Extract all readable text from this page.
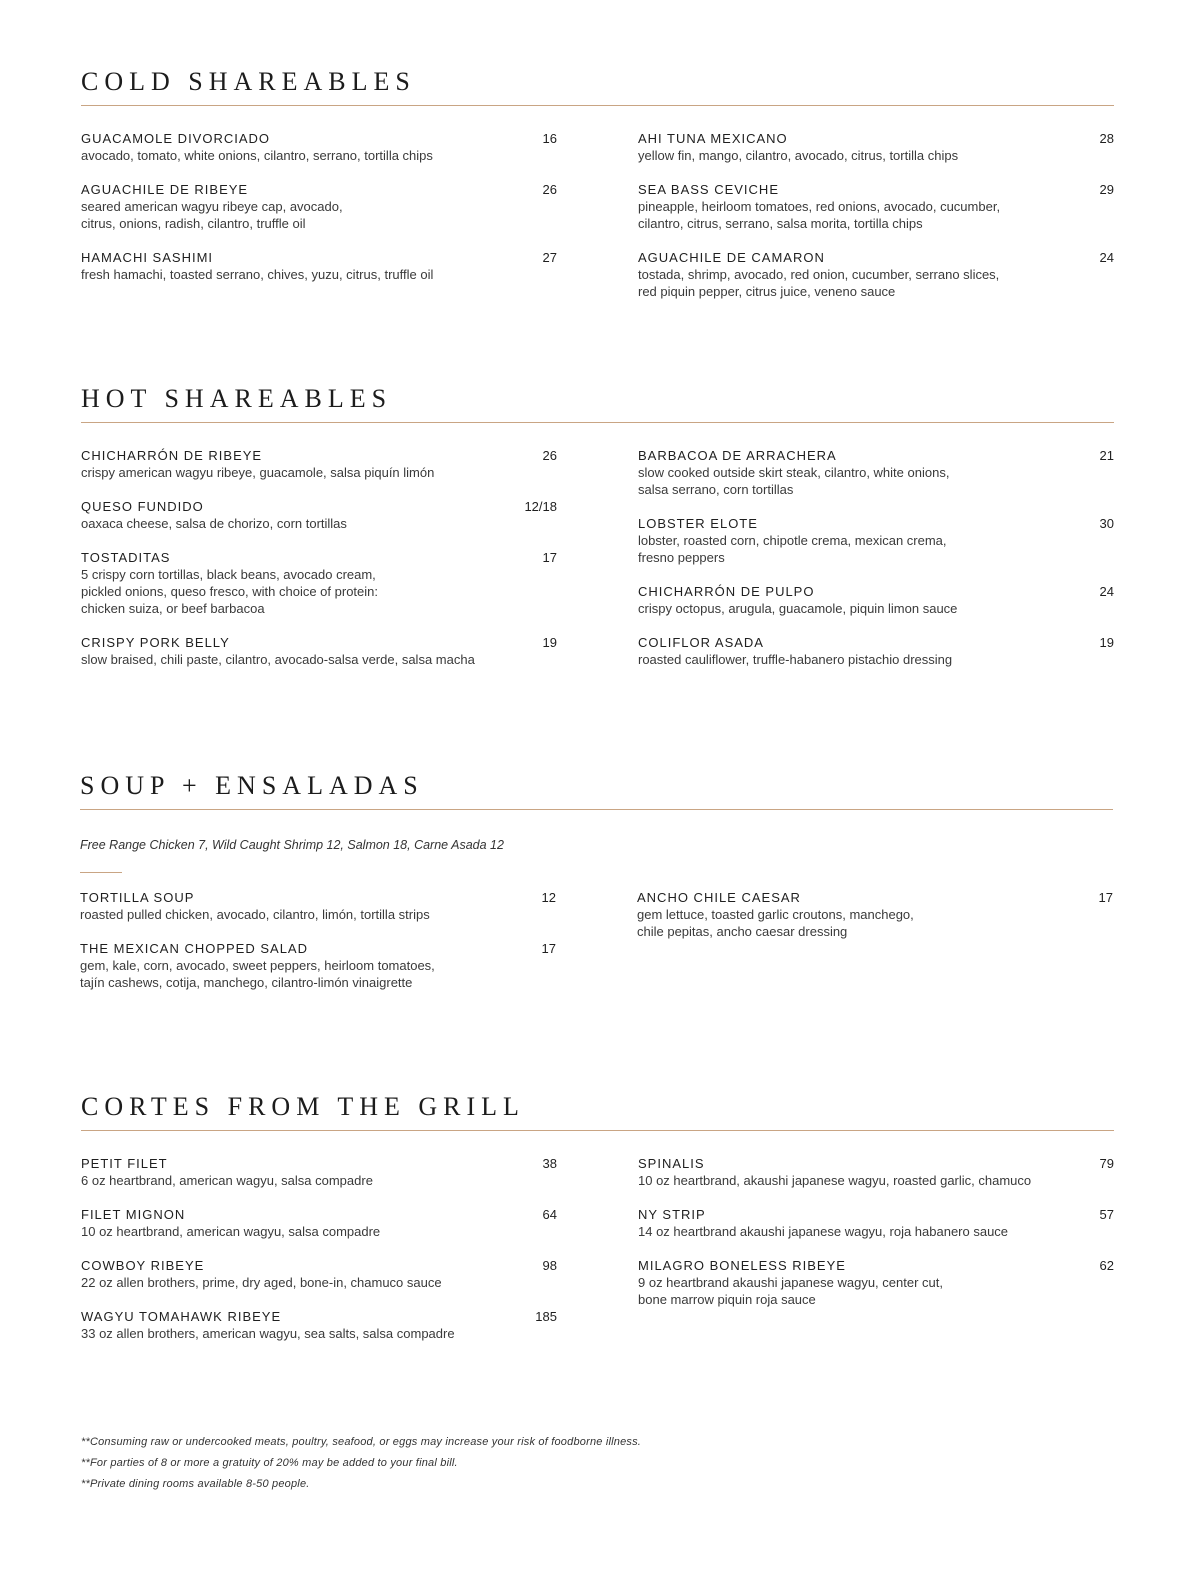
COLD SHAREABLES
GUACAMOLE DIVORCIADO	16
avocado, tomato, white onions, cilantro, serrano, tortilla chips
AGUACHILE DE RIBEYE	26
seared american wagyu ribeye cap, avocado,
citrus, onions, radish, cilantro, truffle oil
HAMACHI SASHIMI	27
fresh hamachi, toasted serrano, chives, yuzu, citrus, truffle oil
AHI TUNA MEXICANO	28
yellow fin, mango, cilantro, avocado, citrus, tortilla chips
SEA BASS CEVICHE	29
pineapple, heirloom tomatoes, red onions, avocado, cucumber,
cilantro, citrus, serrano, salsa morita, tortilla chips
AGUACHILE DE CAMARON	24
tostada, shrimp, avocado, red onion, cucumber, serrano slices,
red piquin pepper, citrus juice, veneno sauce
HOT SHAREABLES
CHICHARRÓN DE RIBEYE	26
crispy american wagyu ribeye, guacamole, salsa piquín limón
QUESO FUNDIDO	12/18
oaxaca cheese, salsa de chorizo, corn tortillas
TOSTADITAS	17
5 crispy corn tortillas, black beans, avocado cream,
pickled onions, queso fresco, with choice of protein:
chicken suiza, or beef barbacoa
CRISPY PORK BELLY	19
slow braised, chili paste, cilantro, avocado-salsa verde, salsa macha
BARBACOA DE ARRACHERA	21
slow cooked outside skirt steak, cilantro, white onions,
salsa serrano, corn tortillas
LOBSTER ELOTE	30
lobster, roasted corn, chipotle crema, mexican crema,
fresno peppers
CHICHARRÓN DE PULPO	24
crispy octopus, arugula, guacamole, piquin limon sauce
COLIFLOR ASADA	19
roasted cauliflower, truffle-habanero pistachio dressing
SOUP + ENSALADAS
Free Range Chicken 7, Wild Caught Shrimp 12, Salmon 18, Carne Asada 12
TORTILLA SOUP	12
roasted pulled chicken, avocado, cilantro, limón, tortilla strips
THE MEXICAN CHOPPED SALAD	17
gem, kale, corn, avocado, sweet peppers, heirloom tomatoes,
tajín cashews, cotija, manchego, cilantro-limón vinaigrette
ANCHO CHILE CAESAR	17
gem lettuce, toasted garlic croutons, manchego,
chile pepitas, ancho caesar dressing
CORTES FROM THE GRILL
PETIT FILET	38
6 oz heartbrand, american wagyu, salsa compadre
FILET MIGNON	64
10 oz heartbrand, american wagyu, salsa compadre
COWBOY RIBEYE	98
22 oz allen brothers, prime, dry aged, bone-in, chamuco sauce
WAGYU TOMAHAWK RIBEYE	185
33 oz allen brothers, american wagyu, sea salts, salsa compadre
SPINALIS	79
10 oz heartbrand, akaushi japanese wagyu, roasted garlic, chamuco
NY STRIP	57
14 oz heartbrand akaushi japanese wagyu, roja habanero sauce
MILAGRO BONELESS RIBEYE	62
9 oz heartbrand akaushi japanese wagyu, center cut,
bone marrow piquin roja sauce
**Consuming raw or undercooked meats, poultry, seafood, or eggs may increase your risk of foodborne illness.
**For parties of 8 or more a gratuity of 20% may be added to your final bill.
**Private dining rooms available 8-50 people.
